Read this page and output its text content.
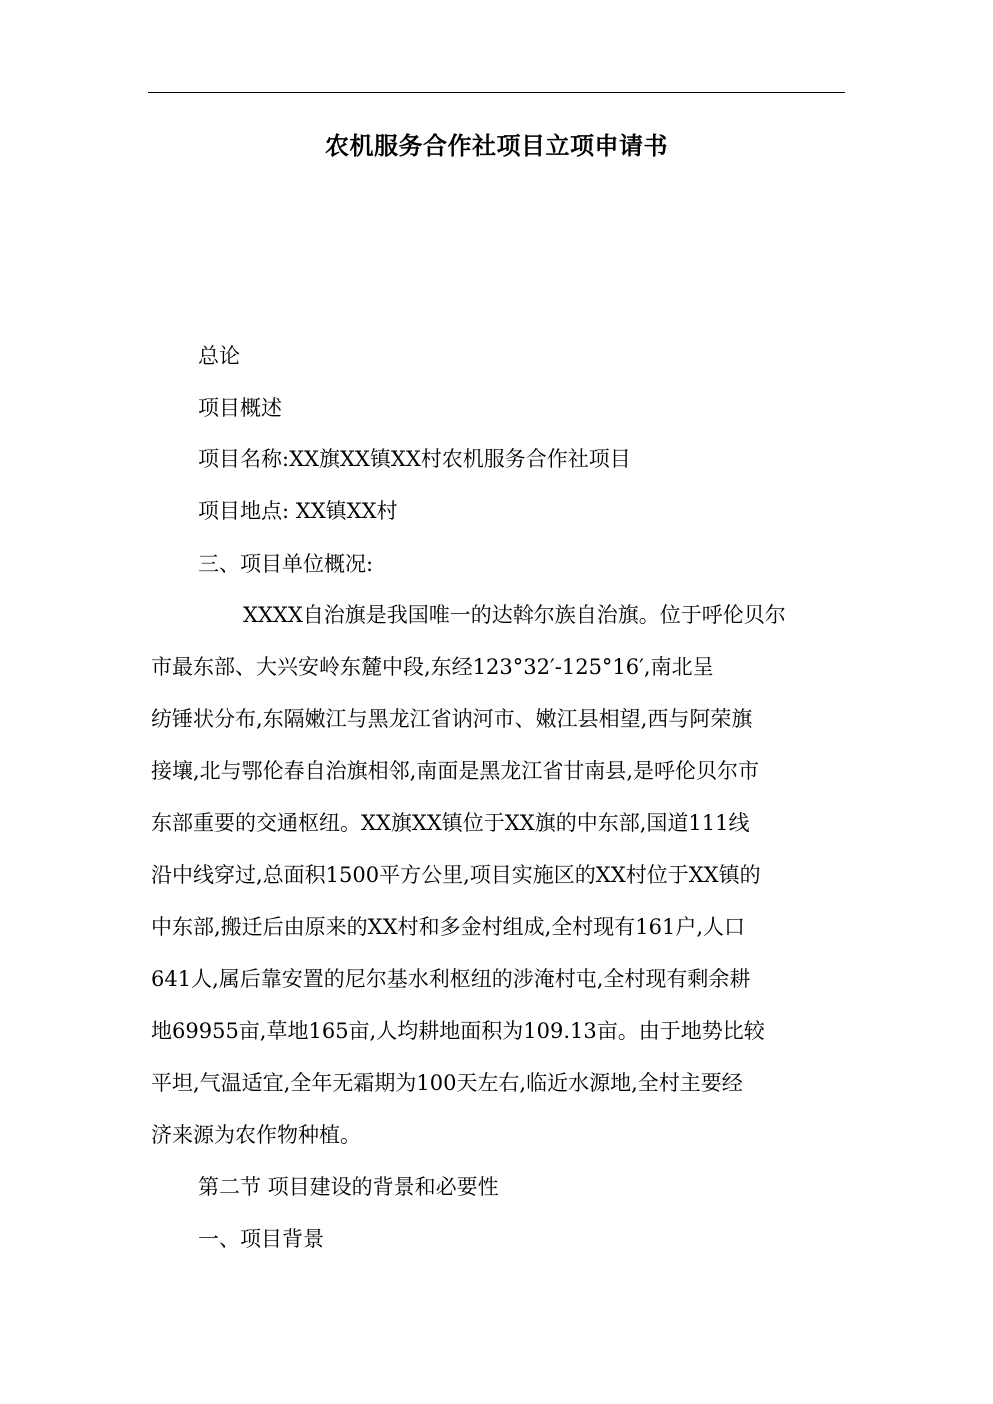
农机服务合作社项目立项申请书
总论
项目概述
项目名称:XX旗XX镇XX村农机服务合作社项目
项目地点: XX镇XX村
三、项目单位概况:
XXXX自治旗是我国唯一的达斡尔族自治旗。位于呼伦贝尔
市最东部、大兴安岭东麓中段,东经123°32′-125°16′,南北呈
纺锤状分布,东隔嫩江与黑龙江省讷河市、嫩江县相望,西与阿荣旗
接壤,北与鄂伦春自治旗相邻,南面是黑龙江省甘南县,是呼伦贝尔市
东部重要的交通枢纽。XX旗XX镇位于XX旗的中东部,国道111线
沿中线穿过,总面积1500平方公里,项目实施区的XX村位于XX镇的
中东部,搬迁后由原来的XX村和多金村组成,全村现有161户,人口
641人,属后靠安置的尼尔基水利枢纽的涉淹村屯,全村现有剩余耕
地69955亩,草地165亩,人均耕地面积为109.13亩。由于地势比较
平坦,气温适宜,全年无霜期为100天左右,临近水源地,全村主要经
济来源为农作物种植。
第二节 项目建设的背景和必要性
一、项目背景
